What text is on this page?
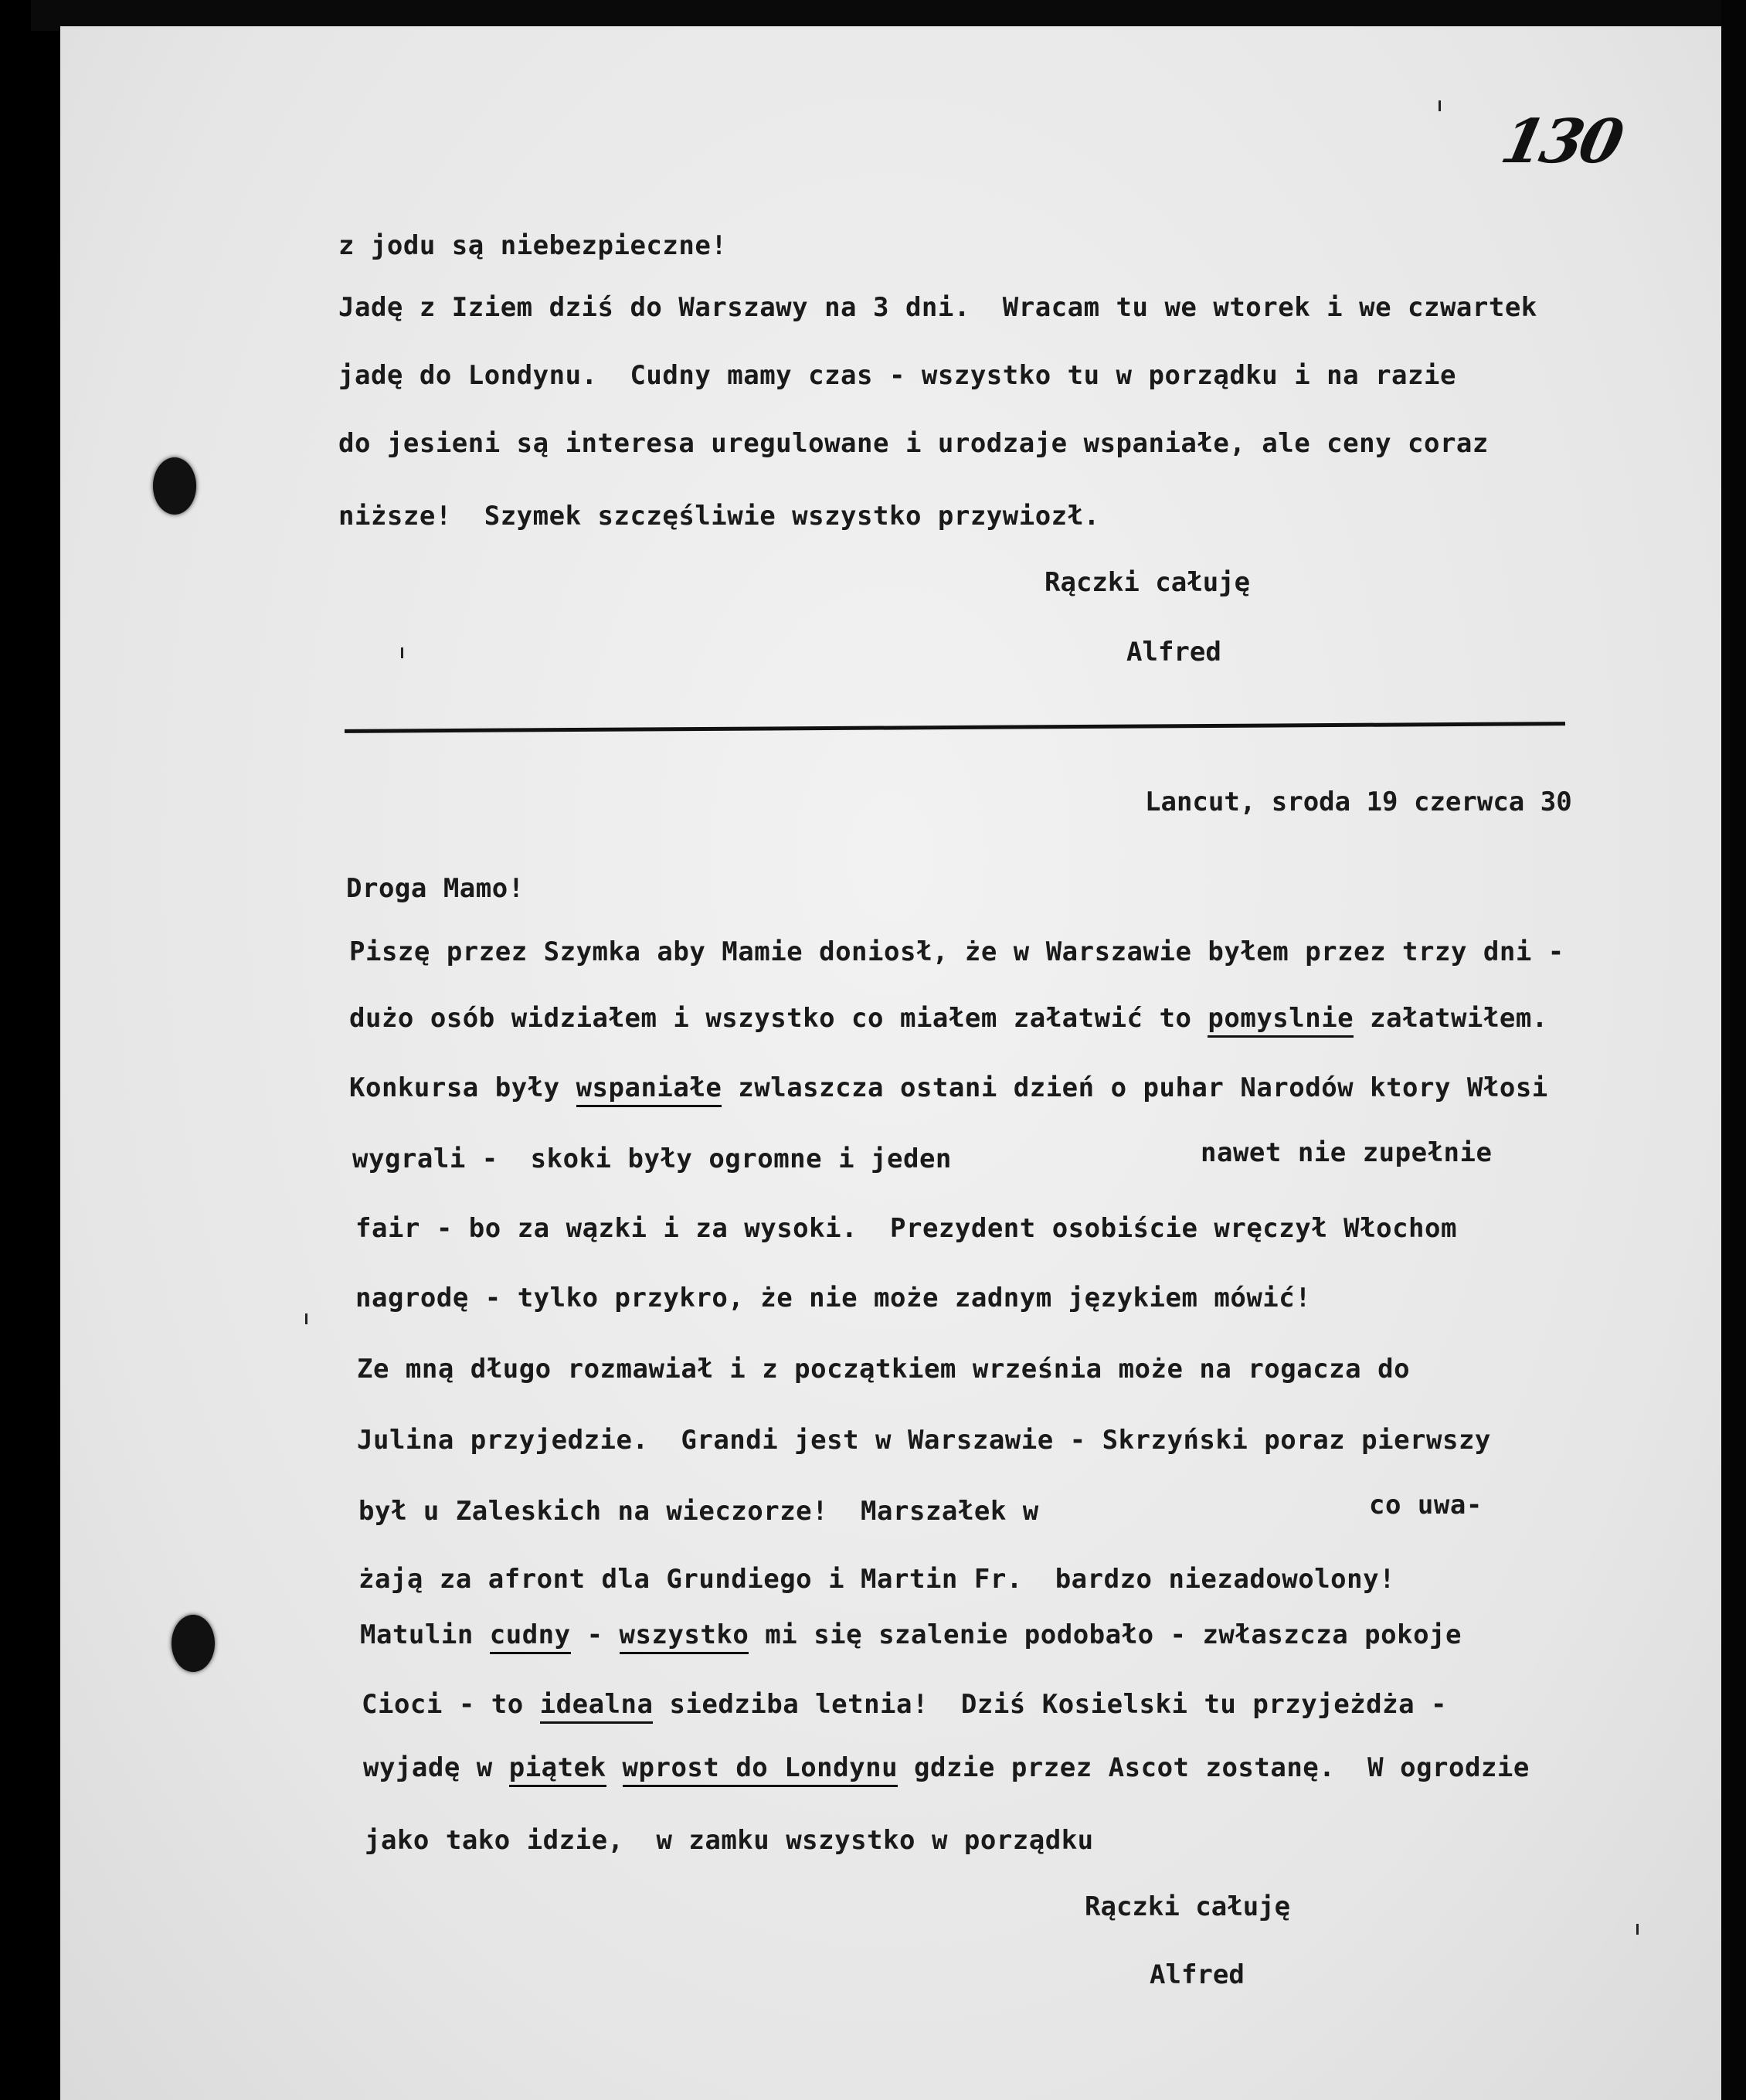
130

z jodu są niebezpieczne!

Jadę z Iziem dziś do Warszawy na 3 dni.  Wracam tu we wtorek i we czwartek

jadę do Londynu.  Cudny mamy czas - wszystko tu w porządku i na razie

do jesieni są interesa uregulowane i urodzaje wspaniałe, ale ceny coraz

niższe!  Szymek szczęśliwie wszystko przywiozł.

Rączki całuję

Alfred

Lancut, sroda 19 czerwca 30

Droga Mamo!

Piszę przez Szymka aby Mamie doniosł, że w Warszawie byłem przez trzy dni -

dużo osób widziałem i wszystko co miałem załatwić to pomyslnie załatwiłem.

Konkursa były wspaniałe zwlaszcza ostani dzień o puhar Narodów ktory Włosi

wygrali -  skoki były ogromne i jeden	nawet nie zupełnie

fair - bo za wązki i za wysoki.  Prezydent osobiście wręczył Włochom

nagrodę - tylko przykro, że nie może zadnym językiem mówić!

Ze mną długo rozmawiał i z początkiem września może na rogacza do

Julina przyjedzie.  Grandi jest w Warszawie - Skrzyński poraz pierwszy

był u Zaleskich na wieczorze!  Marszałek w	co uwa-

żają za afront dla Grundiego i Martin Fr.  bardzo niezadowolony!

Matulin cudny - wszystko mi się szalenie podobało - zwłaszcza pokoje

Cioci - to idealna siedziba letnia!  Dziś Kosielski tu przyjeżdża -

wyjadę w piątek wprost do Londynu gdzie przez Ascot zostanę.  W ogrodzie

jako tako idzie,  w zamku wszystko w porządku

Rączki całuję

Alfred
